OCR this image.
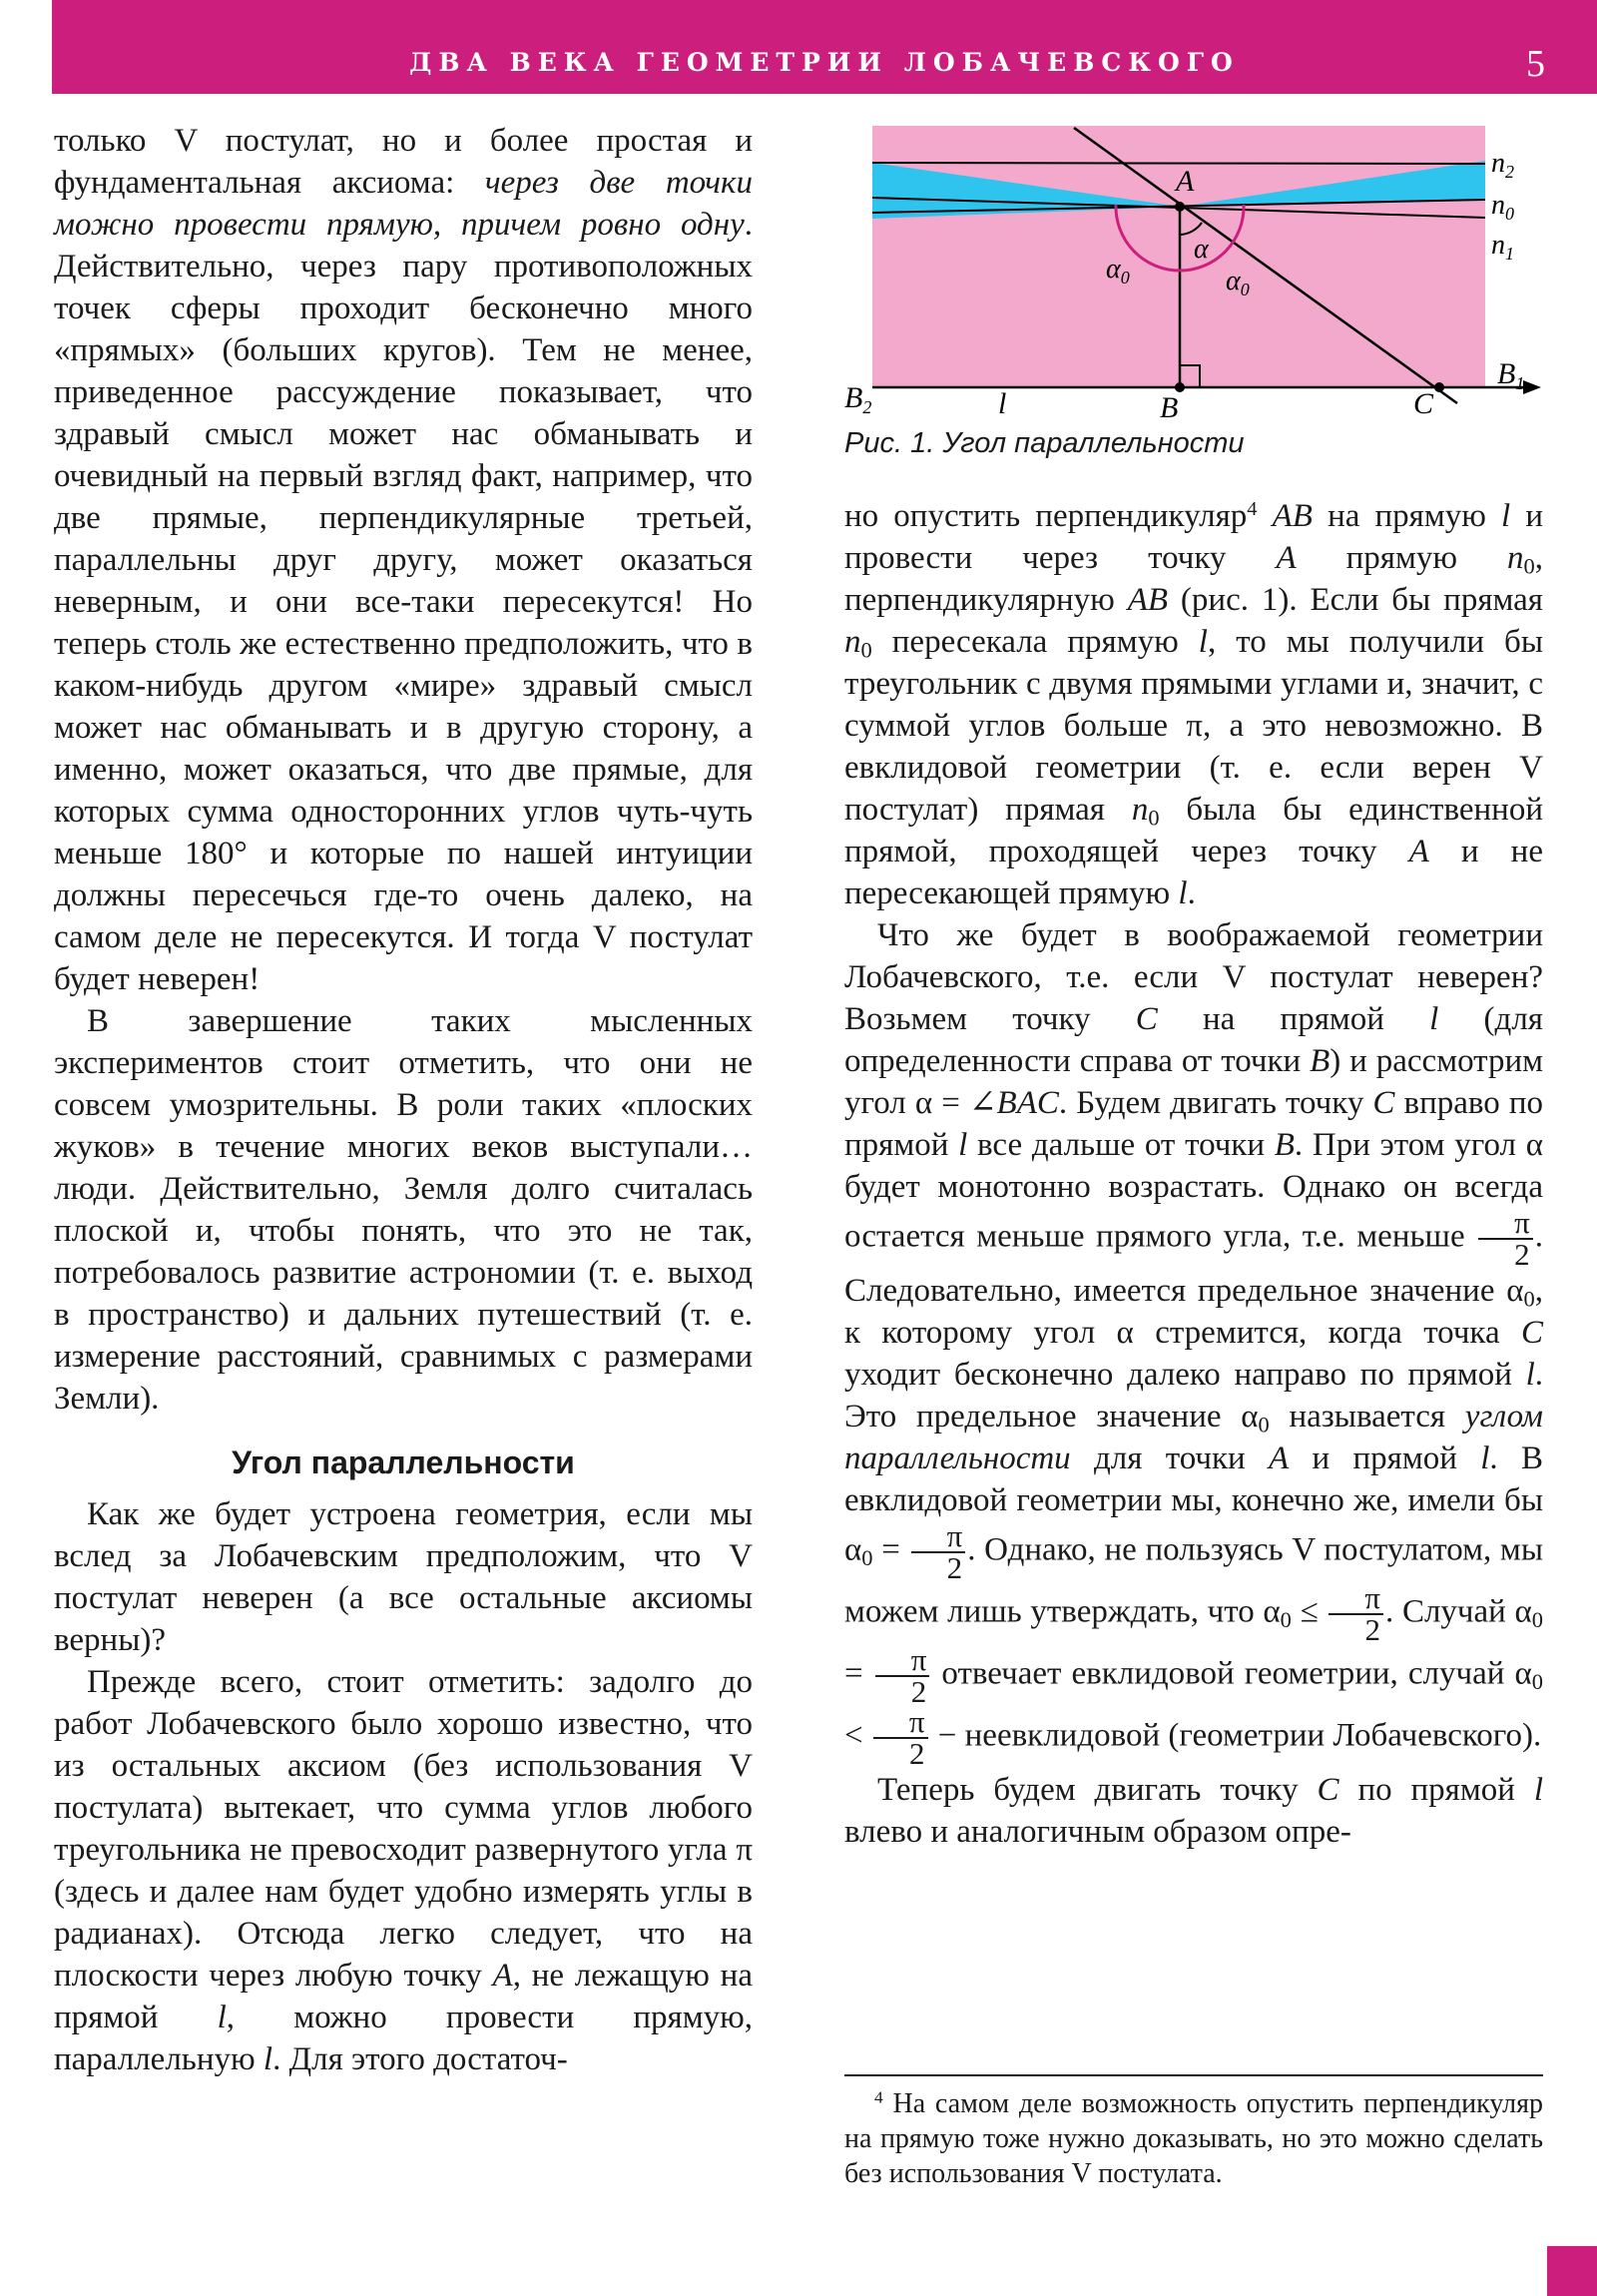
ДВА ВЕКА ГЕОМЕТРИИ ЛОБАЧЕВСКОГО	5

только V постулат, но и более простая и фундаментальная аксиома: через две точки можно провести прямую, причем ровно одну. Действительно, через пару противоположных точек сферы проходит бесконечно много «прямых» (больших кругов). Тем не менее, приведенное рассуждение показывает, что здравый смысл может нас обманывать и очевидный на первый взгляд факт, например, что две прямые, перпендикулярные третьей, параллельны друг другу, может оказаться неверным, и они все-таки пересекутся! Но теперь столь же естественно предположить, что в каком-нибудь другом «мире» здравый смысл может нас обманывать и в другую сторону, а именно, может оказаться, что две прямые, для которых сумма односторонних углов чуть-чуть меньше 180° и которые по нашей интуиции должны пересечься где-то очень далеко, на самом деле не пересекутся. И тогда V постулат будет неверен!

В завершение таких мысленных экспериментов стоит отметить, что они не совсем умозрительны. В роли таких «плоских жуков» в течение многих веков выступали… люди. Действительно, Земля долго считалась плоской и, чтобы понять, что это не так, потребовалось развитие астрономии (т. е. выход в пространство) и дальних путешествий (т. е. измерение расстояний, сравнимых с размерами Земли).

Угол параллельности

Как же будет устроена геометрия, если мы вслед за Лобачевским предположим, что V постулат неверен (а все остальные аксиомы верны)?

Прежде всего, стоит отметить: задолго до работ Лобачевского было хорошо известно, что из остальных аксиом (без использования V постулата) вытекает, что сумма углов любого треугольника не превосходит развернутого угла π (здесь и далее нам будет удобно измерять углы в радианах). Отсюда легко следует, что на плоскости через любую точку A, не лежащую на прямой l, можно провести прямую, параллельную l. Для этого достаточ-

A
α
$\alpha_0$	$\alpha_0$
$n_2$
$n_0$
$n_1$
$B_2$	l	B	C
$B_1$

Рис. 1. Угол параллельности

но опустить перпендикуляр$^4$ AB на прямую l и провести через точку A прямую $n_0$, перпендикулярную AB (рис. 1). Если бы прямая $n_0$ пересекала прямую l, то мы получили бы треугольник с двумя прямыми углами и, значит, с суммой углов больше π, а это невозможно. В евклидовой геометрии (т. е. если верен V постулат) прямая $n_0$ была бы единственной прямой, проходящей через точку A и не пересекающей прямую l.

Что же будет в воображаемой геометрии Лобачевского, т.е. если V постулат неверен? Возьмем точку C на прямой l (для определенности справа от точки B) и рассмотрим угол α = ∠BAC. Будем двигать точку C вправо по прямой l все дальше от точки B. При этом угол α будет монотонно возрастать. Однако он всегда остается меньше прямого угла, т.е. меньше $\frac{\pi}{2}$ . Следовательно, имеется предельное значение $\alpha_0$, к которому угол α стремится, когда точка C уходит бесконечно далеко направо по прямой l. Это предельное значение $\alpha_0$ называется углом параллельности для точки A и прямой l. В евклидовой геометрии мы, конечно же, имели бы $\alpha_0 = \frac{\pi}{2}$ . Однако, не пользуясь V постулатом, мы можем лишь утверждать, что $\alpha_0 \le \frac{\pi}{2}$ . Случай $\alpha_0 = \frac{\pi}{2}$ отвечает евклидовой геометрии, случай $\alpha_0 < \frac{\pi}{2}$ − неевклидовой (геометрии Лобачевского).

Теперь будем двигать точку C по прямой l влево и аналогичным образом опре-

$^4$ На самом деле возможность опустить перпендикуляр на прямую тоже нужно доказывать, но это можно сделать без использования V постулата.
